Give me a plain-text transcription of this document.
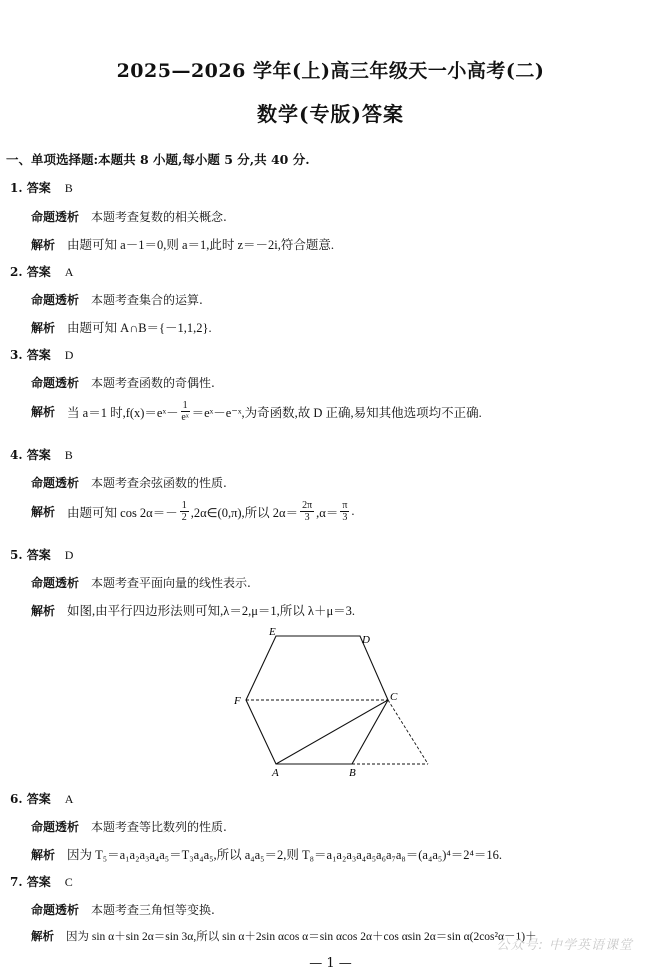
2025—2026 学年(上)高三年级天一小高考(二)
数学(专版)答案
一、单项选择题:本题共 8 小题,每小题 5 分,共 40 分.
1. 答案 B
命题透析 本题考查复数的相关概念.
解析 由题可知 a－1＝0,则 a＝1,此时 z＝－2i,符合题意.
2. 答案 A
命题透析 本题考查集合的运算.
解析 由题可知 A∩B＝{－1,1,2}.
3. 答案 D
命题透析 本题考查函数的奇偶性.
解析 当 a＝1 时,f(x)＝eˣ－ $\frac{1}{\text{eˣ}}$ ＝eˣ－e⁻ˣ,为奇函数,故 D 正确,易知其他选项均不正确.
4. 答案 B
命题透析 本题考查余弦函数的性质.
解析 由题可知 $\cos 2\alpha=- \frac{1}{2}$ ,2α∈(0,π),所以 $2\alpha= \frac{2\pi}{3} ,\alpha= \frac{\pi}{3}$ .
5. 答案 D
命题透析 本题考查平面向量的线性表示.
解析 如图,由平行四边形法则可知,λ＝2,μ＝1,所以 λ＋μ＝3.
E
D
F	C
A	B
6. 答案 A
命题透析 本题考查等比数列的性质.
解析 因为 T₅＝a₁a₂a₃a₄a₅＝T₃a₄a₅,所以 a₄a₅＝2,则 T₈＝a₁a₂a₃a₄a₅a₆a₇a₈＝(a₄a₅)⁴＝2⁴＝16.
7. 答案 C
命题透析 本题考查三角恒等变换.
解析 因为 sin α＋sin 2α＝sin 3α,所以 sin α＋2sin αcos α＝sin αcos 2α＋cos αsin 2α＝sin α(2cos²α－1)＋
公众号: 中学英语课堂
— 1 —
